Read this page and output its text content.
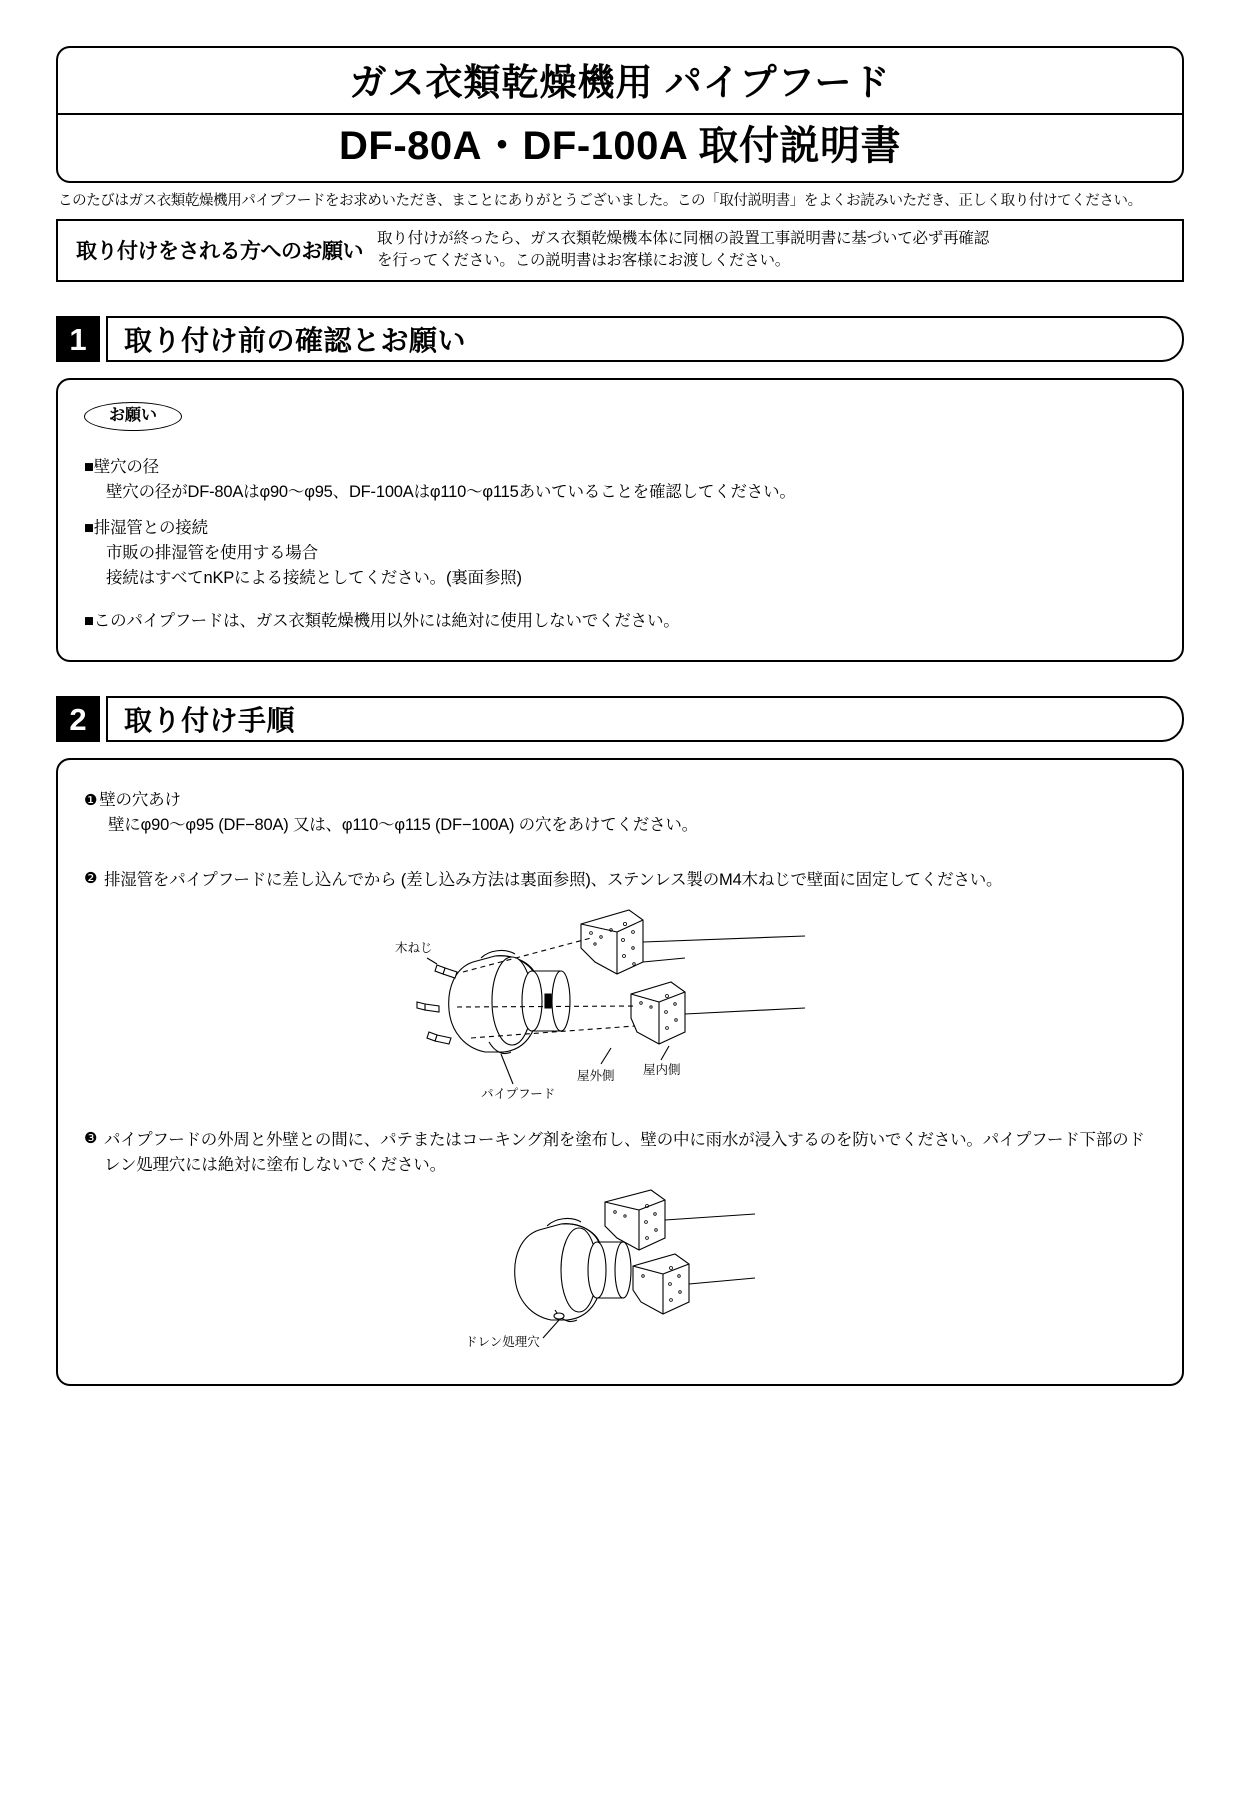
ガス衣類乾燥機用 パイプフード
DF-80A・DF-100A 取付説明書
このたびはガス衣類乾燥機用パイプフードをお求めいただき、まことにありがとうございました。この「取付説明書」をよくお読みいただき、正しく取り付けてください。
取り付けをされる方へのお願い
取り付けが終ったら、ガス衣類乾燥機本体に同梱の設置工事説明書に基づいて必ず再確認
を行ってください。この説明書はお客様にお渡しください。
1	取り付け前の確認とお願い
お願い
■壁穴の径
壁穴の径がDF-80Aはφ90〜φ95、DF-100Aはφ110〜φ115あいていることを確認してください。
■排湿管との接続
市販の排湿管を使用する場合
接続はすべてnKPによる接続としてください。(裏面参照)
■このパイプフードは、ガス衣類乾燥機用以外には絶対に使用しないでください。
2	取り付け手順
❶ 壁の穴あけ
壁にφ90〜φ95 (DF−80A) 又は、φ110〜φ115 (DF−100A) の穴をあけてください。
❷ 排湿管をパイプフードに差し込んでから (差し込み方法は裏面参照)、ステンレス製のM4木ねじで壁面に固定してください。
木ねじ
屋外側 屋内側
パイプフード
❸ パイプフードの外周と外壁との間に、パテまたはコーキング剤を塗布し、壁の中に雨水が浸入するのを防いでください。パイプフード下部のドレン処理穴には絶対に塗布しないでください。
ドレン処理穴
